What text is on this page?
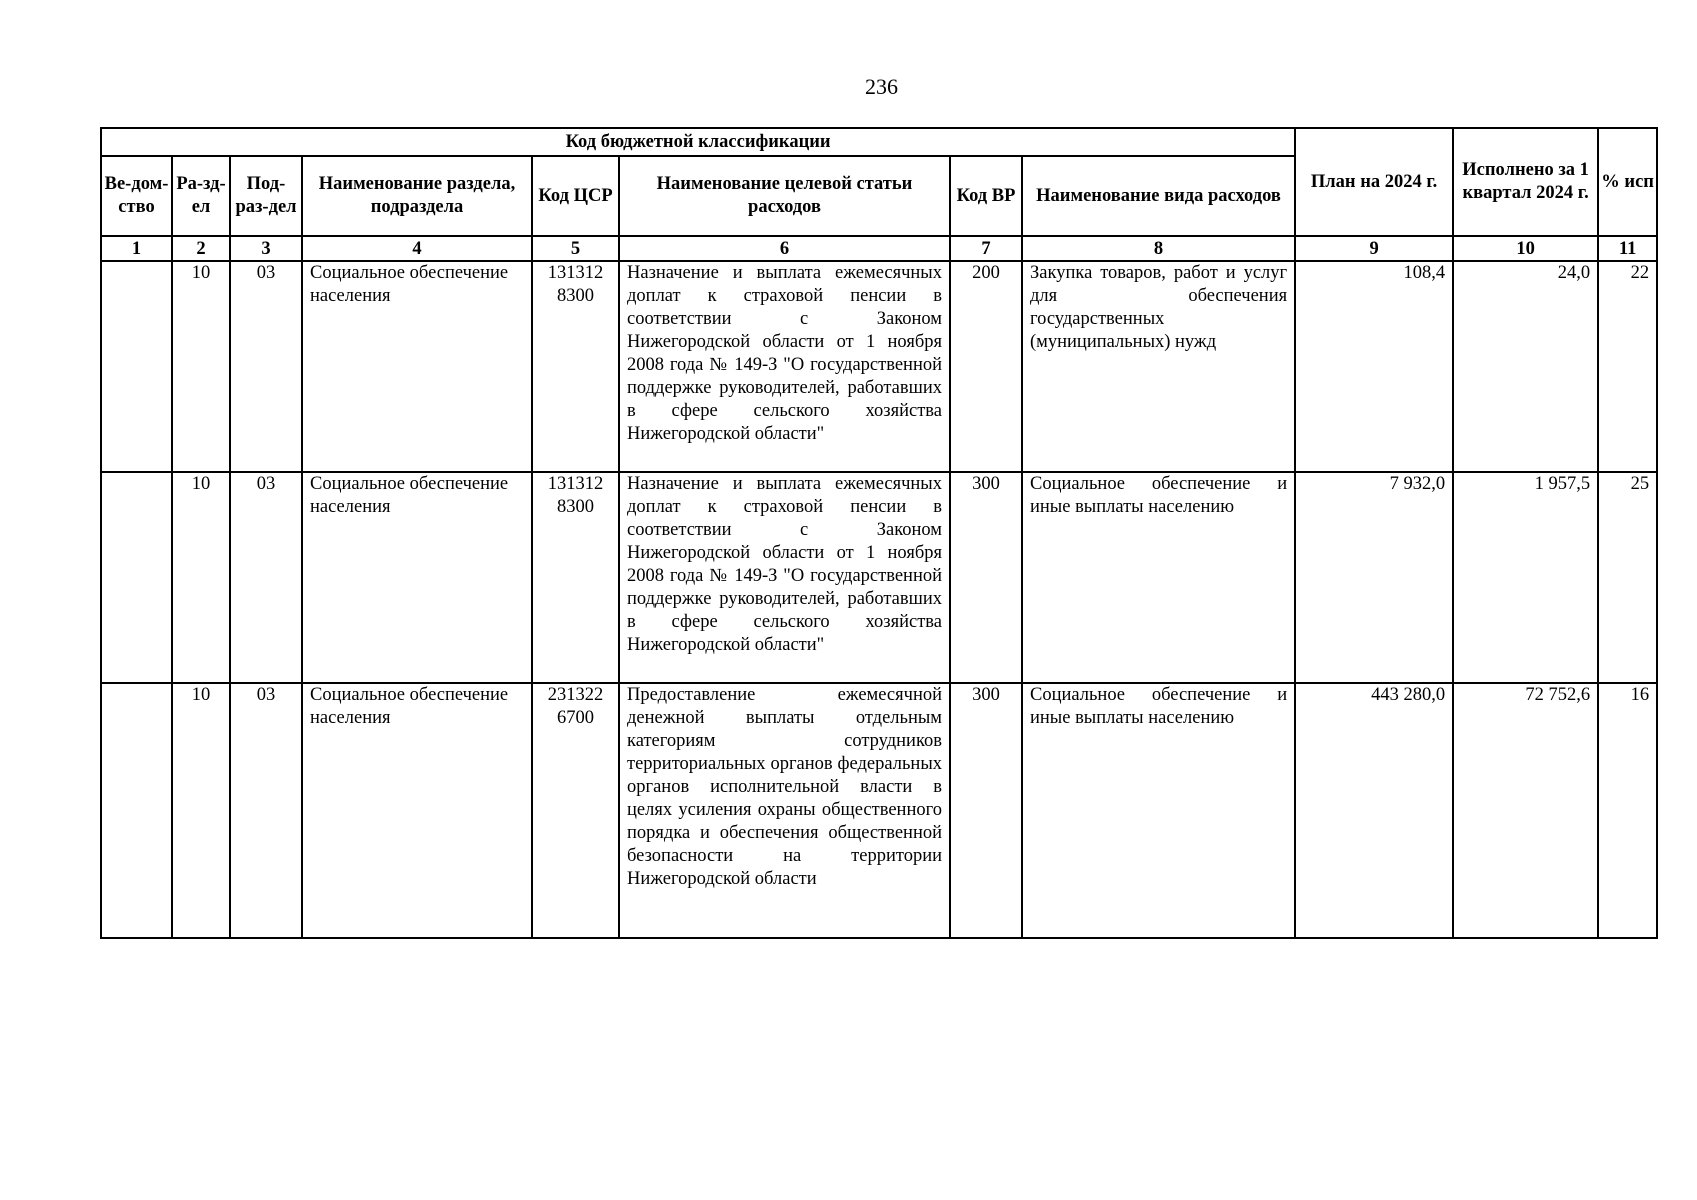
236
Код бюджетной классификации								План на 2024 г.	Исполнено за 1 квартал 2024 г.	% исп
Ве-дом-ство	Ра-зд-ел	Под-раз-дел	Наименование раздела, подраздела	Код ЦСР	Наименование целевой статьи расходов	Код ВР	Наименование вида расходов			
1	2	3	4	5	6	7	8	9	10	11
	10	03	Социальное обеспечение населения	131312 8300	Назначение и выплата ежемесячных доплат к страховой пенсии в соответствии с Законом Нижегородской области от 1 ноября 2008 года № 149-З "О государственной поддержке руководителей, работавших в сфере сельского хозяйства Нижегородской области"	200	Закупка товаров, работ и услуг для обеспечения государственных (муниципальных) нужд	108,4	24,0	22
	10	03	Социальное обеспечение населения	131312 8300	Назначение и выплата ежемесячных доплат к страховой пенсии в соответствии с Законом Нижегородской области от 1 ноября 2008 года № 149-З "О государственной поддержке руководителей, работавших в сфере сельского хозяйства Нижегородской области"	300	Социальное обеспечение и иные выплаты населению	7 932,0	1 957,5	25
	10	03	Социальное обеспечение населения	231322 6700	Предоставление ежемесячной денежной выплаты отдельным категориям сотрудников территориальных органов федеральных органов исполнительной власти в целях усиления охраны общественного порядка и обеспечения общественной безопасности на территории Нижегородской области	300	Социальное обеспечение и иные выплаты населению	443 280,0	72 752,6	16
